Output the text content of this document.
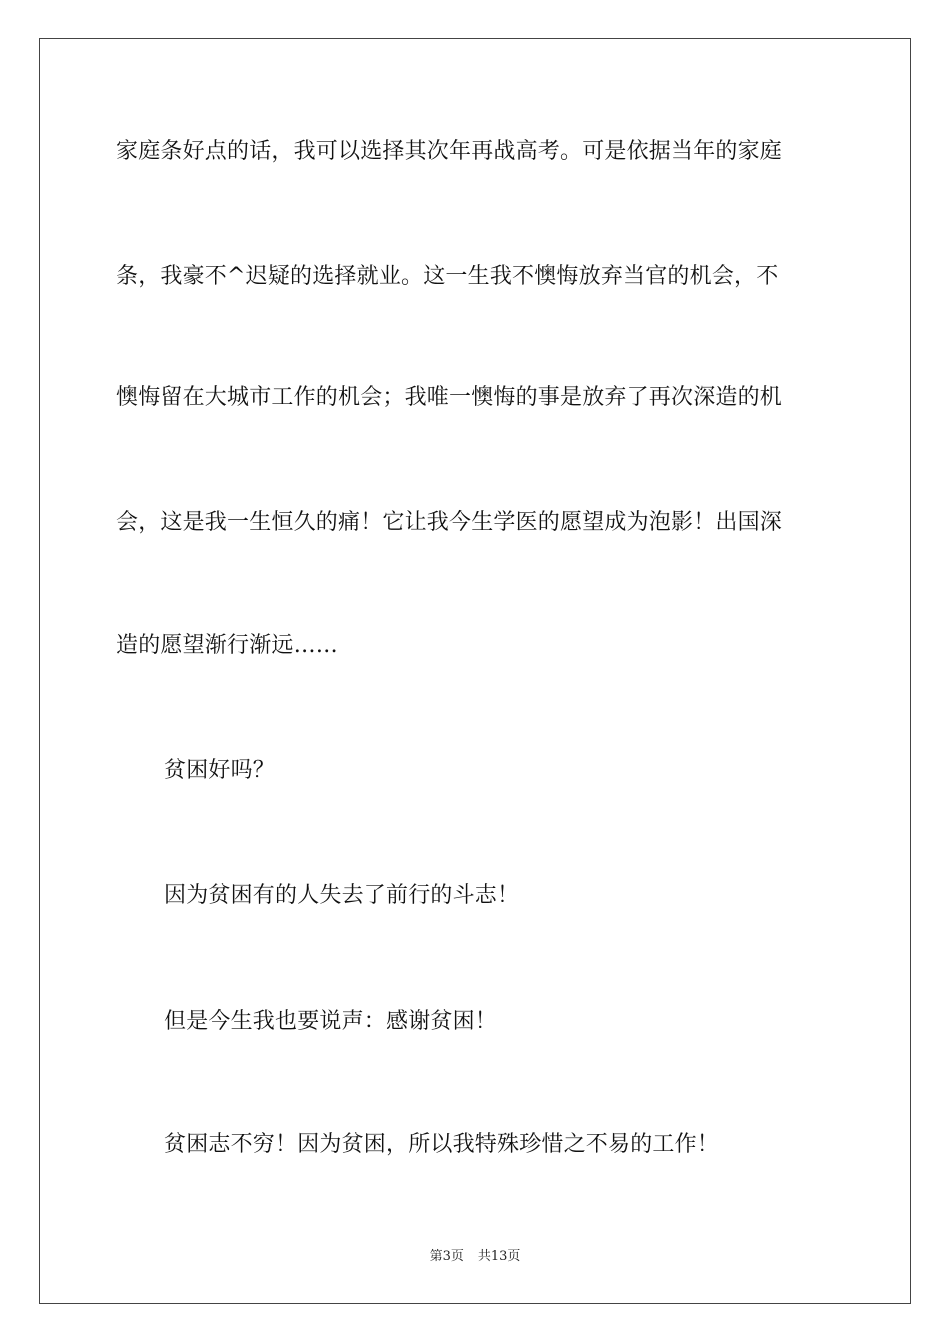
家庭条好点的话，我可以选择其次年再战高考。可是依据当年的家庭
条，我豪不^迟疑的选择就业。这一生我不懊悔放弃当官的机会，不
懊悔留在大城市工作的机会；我唯一懊悔的事是放弃了再次深造的机
会，这是我一生恒久的痛！它让我今生学医的愿望成为泡影！出国深
造的愿望渐行渐远……
贫困好吗？
因为贫困有的人失去了前行的斗志！
但是今生我也要说声：感谢贫困！
贫困志不穷！因为贫困，所以我特殊珍惜之不易的工作！
第3页 共13页
